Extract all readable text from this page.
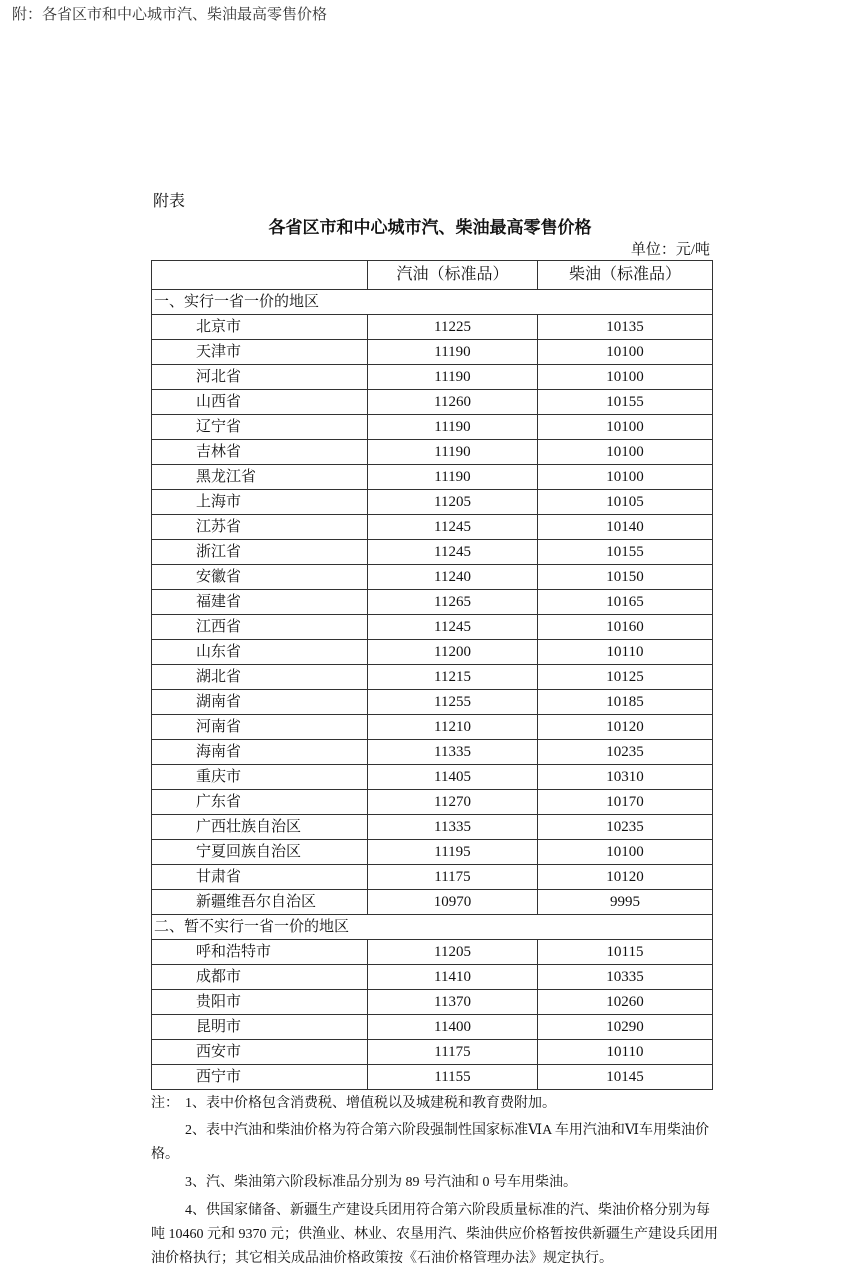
附：各省区市和中心城市汽、柴油最高零售价格
附表
各省区市和中心城市汽、柴油最高零售价格
单位：元/吨
	汽油（标准品）	柴油（标准品）
一、实行一省一价的地区		
北京市	11225	10135
天津市	11190	10100
河北省	11190	10100
山西省	11260	10155
辽宁省	11190	10100
吉林省	11190	10100
黑龙江省	11190	10100
上海市	11205	10105
江苏省	11245	10140
浙江省	11245	10155
安徽省	11240	10150
福建省	11265	10165
江西省	11245	10160
山东省	11200	10110
湖北省	11215	10125
湖南省	11255	10185
河南省	11210	10120
海南省	11335	10235
重庆市	11405	10310
广东省	11270	10170
广西壮族自治区	11335	10235
宁夏回族自治区	11195	10100
甘肃省	11175	10120
新疆维吾尔自治区	10970	9995
二、暂不实行一省一价的地区		
呼和浩特市	11205	10115
成都市	11410	10335
贵阳市	11370	10260
昆明市	11400	10290
西安市	11175	10110
西宁市	11155	10145

注： 1、表中价格包含消费税、增值税以及城建税和教育费附加。

2、表中汽油和柴油价格为符合第六阶段强制性国家标准ⅥA 车用汽油和Ⅵ车用柴油价格。

3、汽、柴油第六阶段标准品分别为 89 号汽油和 0 号车用柴油。

4、供国家储备、新疆生产建设兵团用符合第六阶段质量标准的汽、柴油价格分别为每吨 10460 元和 9370 元；供渔业、林业、农垦用汽、柴油供应价格暂按供新疆生产建设兵团用油价格执行；其它相关成品油价格政策按《石油价格管理办法》规定执行。
